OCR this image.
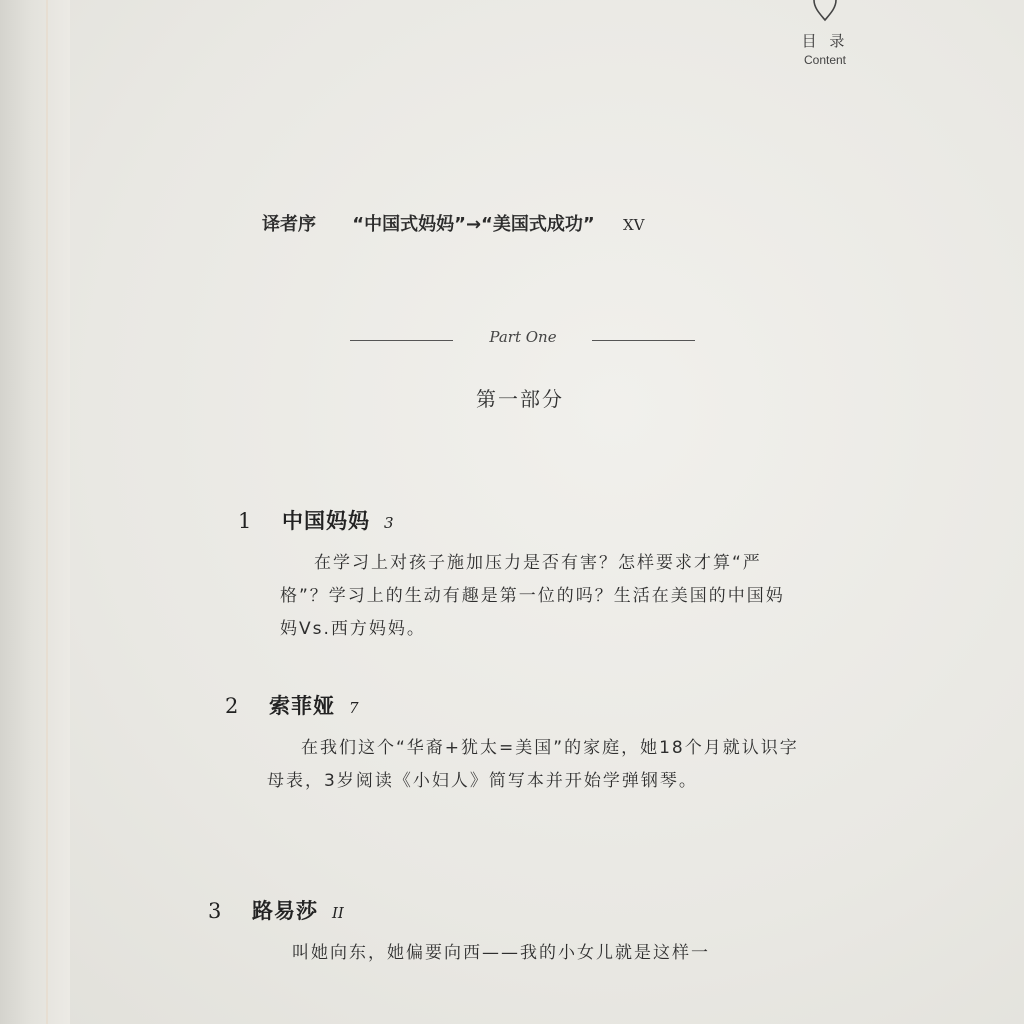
目 录
Content
译者序 “中国式妈妈”→“美国式成功” XV
Part One
第一部分
1 中国妈妈 3
在学习上对孩子施加压力是否有害？怎样要求才算“严格”？学习上的生动有趣是第一位的吗？生活在美国的中国妈妈Vs.西方妈妈。
2 索菲娅 7
在我们这个“华裔+犹太=美国”的家庭，她18个月就认识字母表，3岁阅读《小妇人》简写本并开始学弹钢琴。
3 路易莎 II
叫她向东，她偏要向西——我的小女儿就是这样一
